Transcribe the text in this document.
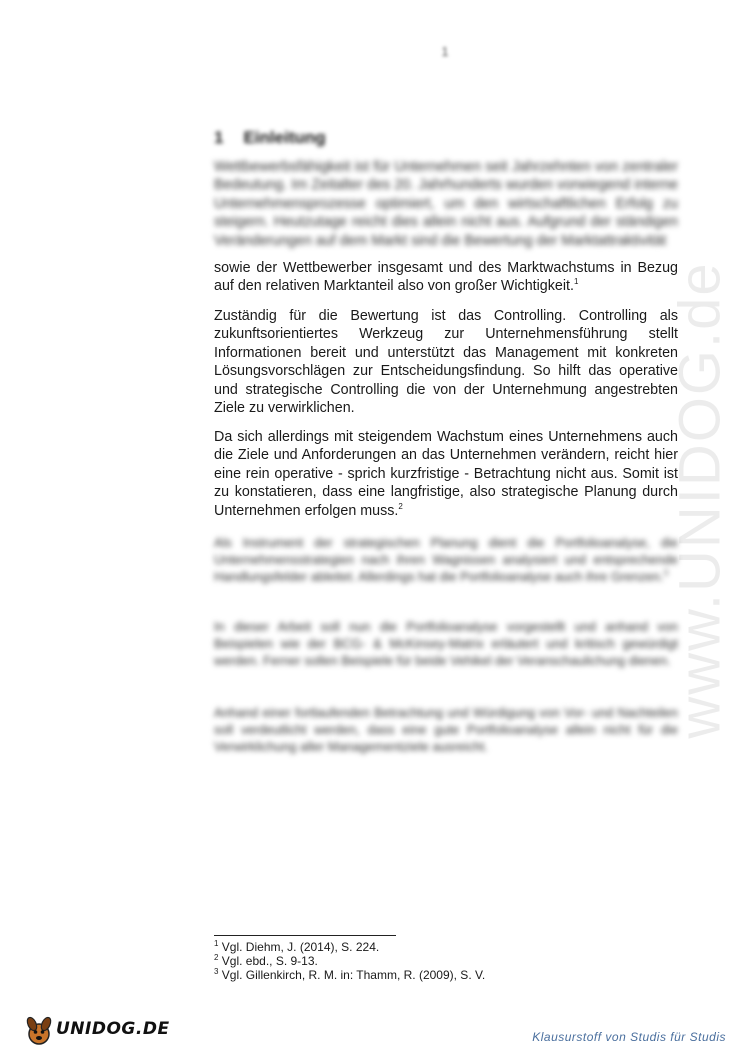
1
1 Einleitung

Wettbewerbsfähigkeit ist für Unternehmen seit Jahrzehnten von zentraler Bedeutung. Im Zeitalter des 20. Jahrhunderts wurden vorwiegend interne Unternehmensprozesse optimiert, um den wirtschaftlichen Erfolg zu steigern. Heutzutage reicht dies allein nicht aus. Aufgrund der ständigen Veränderungen auf dem Markt sind die Bewertung der Marktattraktivität

sowie der Wettbewerber insgesamt und des Marktwachstums in Bezug auf den relativen Marktanteil also von großer Wichtigkeit.$^1$

Zuständig für die Bewertung ist das Controlling. Controlling als zukunftsorientiertes Werkzeug zur Unternehmensführung stellt Informationen bereit und unterstützt das Management mit konkreten Lösungsvorschlägen zur Entscheidungsfindung. So hilft das operative und strategische Controlling die von der Unternehmung angestrebten Ziele zu verwirklichen.

Da sich allerdings mit steigendem Wachstum eines Unternehmens auch die Ziele und Anforderungen an das Unternehmen verändern, reicht hier eine rein operative - sprich kurzfristige - Betrachtung nicht aus. Somit ist zu konstatieren, dass eine langfristige, also strategische Planung durch Unternehmen erfolgen muss.$^2$

Als Instrument der strategischen Planung dient die Portfolioanalyse, die Unternehmensstrategien nach ihren Wagnissen analysiert und entsprechende Handlungsfelder ableitet. Allerdings hat die Portfolioanalyse auch ihre Grenzen.$^3$

In dieser Arbeit soll nun die Portfolioanalyse vorgestellt und anhand von Beispielen wie der BCG- & McKinsey-Matrix erläutert und kritisch gewürdigt werden. Ferner sollen Beispiele für beide Vehikel der Veranschaulichung dienen.

Anhand einer fortlaufenden Betrachtung und Würdigung von Vor- und Nachteilen soll verdeutlicht werden, dass eine gute Portfolioanalyse allein nicht für die Verwirklichung aller Managementziele ausreicht.

www.UNIDOG.de
$^1$ Vgl. Diehm, J. (2014), S. 224.
$^2$ Vgl. ebd., S. 9-13.
$^3$ Vgl. Gillenkirch, R. M. in: Thamm, R. (2009), S. V.
UNIDOG.DE	Klausurstoff von Studis für Studis
